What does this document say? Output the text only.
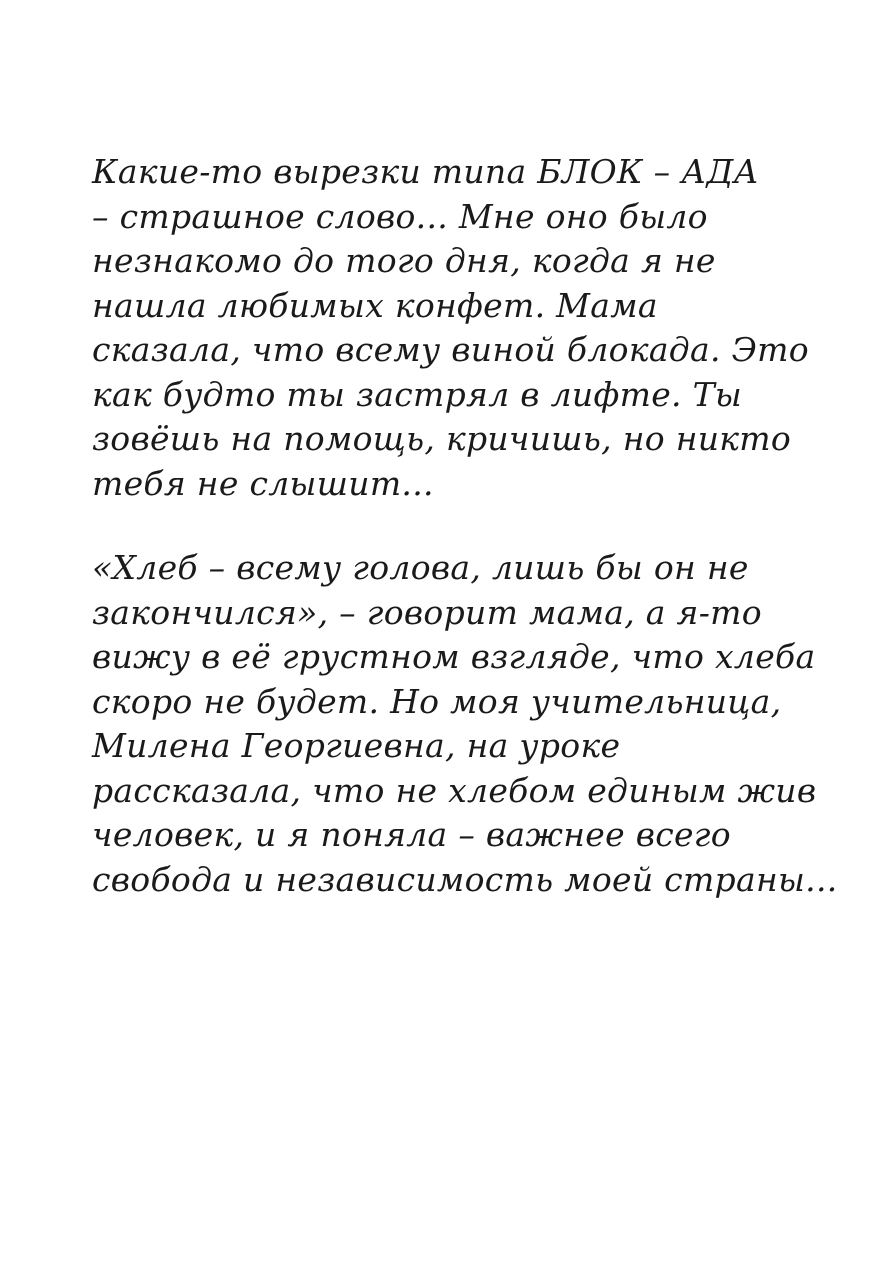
Какие-то вырезки типа БЛОК – АДА
– страшное слово... Мне оно было
незнакомо до того дня, когда я не
нашла любимых конфет. Мама
сказала, что всему виной блокада. Это
как будто ты застрял в лифте. Ты
зовёшь на помощь, кричишь, но никто
тебя не слышит...

«Хлеб – всему голова, лишь бы он не
закончился», – говорит мама, а я-то
вижу в её грустном взгляде, что хлеба
скоро не будет. Но моя учительница,
Милена Георгиевна, на уроке
рассказала, что не хлебом единым жив
человек, и я поняла – важнее всего
свобода и независимость моей страны...
